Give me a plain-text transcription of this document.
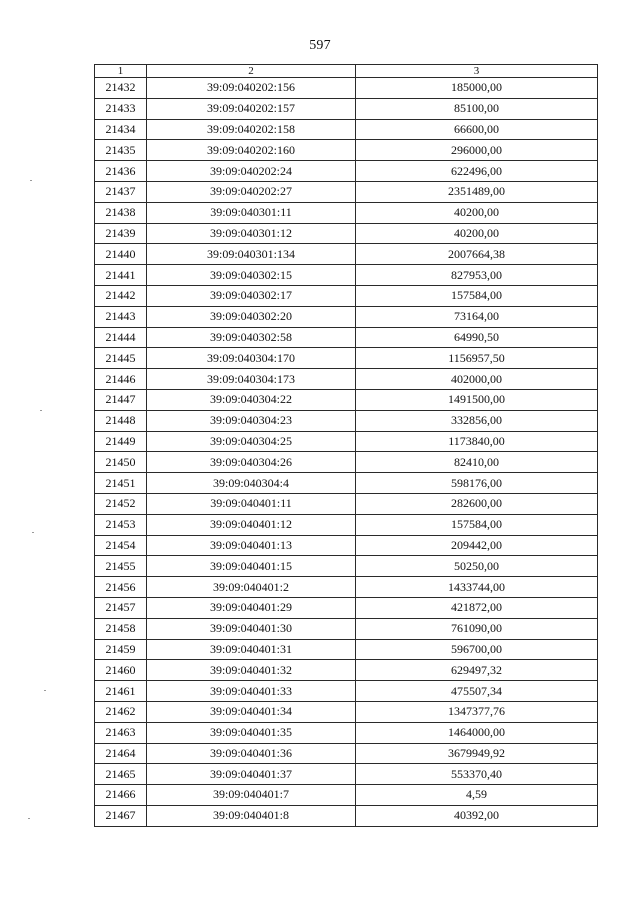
597
1	2	3
21432	39:09:040202:156	185000,00
21433	39:09:040202:157	85100,00
21434	39:09:040202:158	66600,00
21435	39:09:040202:160	296000,00
21436	39:09:040202:24	622496,00
21437	39:09:040202:27	2351489,00
21438	39:09:040301:11	40200,00
21439	39:09:040301:12	40200,00
21440	39:09:040301:134	2007664,38
21441	39:09:040302:15	827953,00
21442	39:09:040302:17	157584,00
21443	39:09:040302:20	73164,00
21444	39:09:040302:58	64990,50
21445	39:09:040304:170	1156957,50
21446	39:09:040304:173	402000,00
21447	39:09:040304:22	1491500,00
21448	39:09:040304:23	332856,00
21449	39:09:040304:25	1173840,00
21450	39:09:040304:26	82410,00
21451	39:09:040304:4	598176,00
21452	39:09:040401:11	282600,00
21453	39:09:040401:12	157584,00
21454	39:09:040401:13	209442,00
21455	39:09:040401:15	50250,00
21456	39:09:040401:2	1433744,00
21457	39:09:040401:29	421872,00
21458	39:09:040401:30	761090,00
21459	39:09:040401:31	596700,00
21460	39:09:040401:32	629497,32
21461	39:09:040401:33	475507,34
21462	39:09:040401:34	1347377,76
21463	39:09:040401:35	1464000,00
21464	39:09:040401:36	3679949,92
21465	39:09:040401:37	553370,40
21466	39:09:040401:7	4,59
21467	39:09:040401:8	40392,00
